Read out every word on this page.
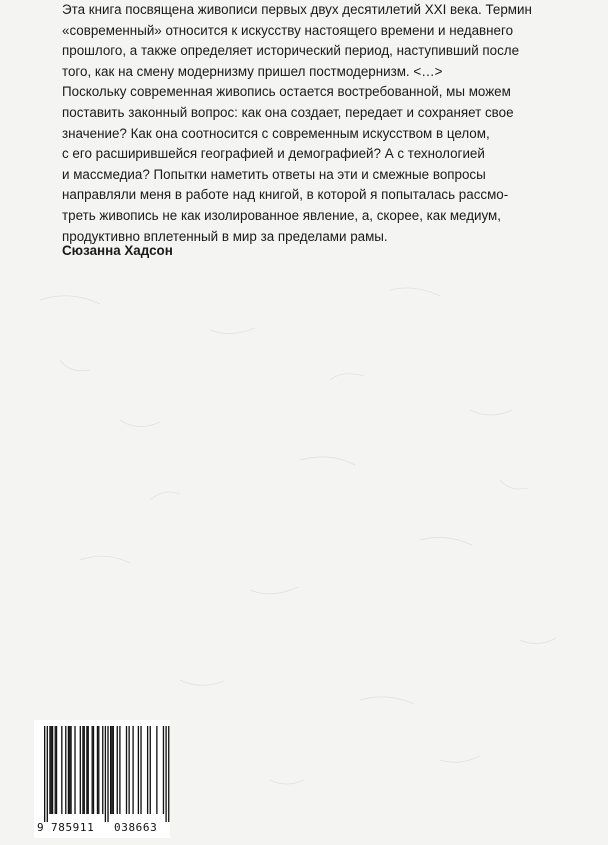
Эта книга посвящена живописи первых двух десятилетий XXI века. Термин
«современный» относится к искусству настоящего времени и недавнего
прошлого, а также определяет исторический период, наступивший после
того, как на смену модернизму пришел постмодернизм. <…>

Поскольку современная живопись остается востребованной, мы можем
поставить законный вопрос: как она создает, передает и сохраняет свое
значение? Как она соотносится с современным искусством в целом,
с его расширившейся географией и демографией? А с технологией
и массмедиа? Попытки наметить ответы на эти и смежные вопросы
направляли меня в работе над книгой, в которой я попыталась рассмо-
треть живопись не как изолированное явление, а, скорее, как медиум,
продуктивно вплетенный в мир за пределами рамы.

Сюзанна Хадсон
9 785911 038663
